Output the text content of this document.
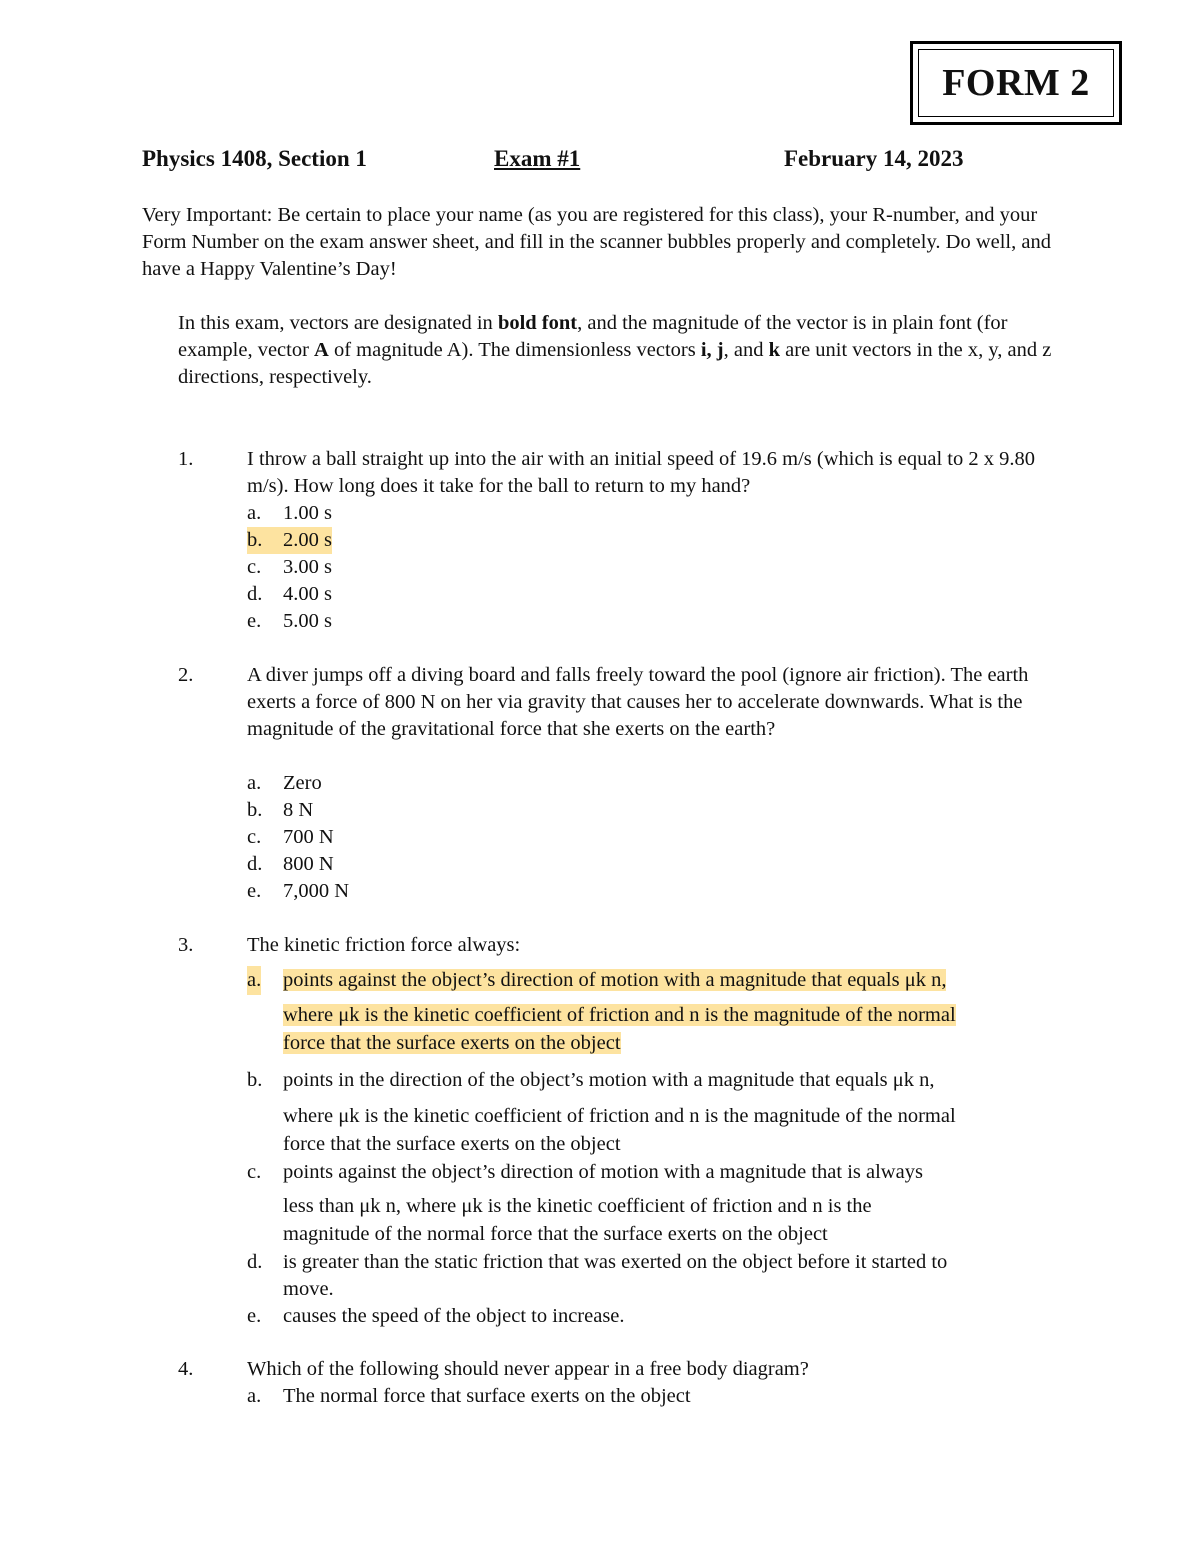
FORM 2
Physics 1408, Section 1	Exam #1	February 14, 2023
Very Important: Be certain to place your name (as you are registered for this class), your R-number, and your Form Number on the exam answer sheet, and fill in the scanner bubbles properly and completely. Do well, and have a Happy Valentine’s Day!
In this exam, vectors are designated in bold font, and the magnitude of the vector is in plain font (for example, vector A of magnitude A). The dimensionless vectors i, j, and k are unit vectors in the x, y, and z directions, respectively.
1.	I throw a ball straight up into the air with an initial speed of 19.6 m/s (which is equal to 2 x 9.80 m/s). How long does it take for the ball to return to my hand?
a.	1.00 s
b.	2.00 s
c.	3.00 s
d.	4.00 s
e.	5.00 s
2.	A diver jumps off a diving board and falls freely toward the pool (ignore air friction). The earth exerts a force of 800 N on her via gravity that causes her to accelerate downwards. What is the magnitude of the gravitational force that she exerts on the earth?
a.	Zero
b.	8 N
c.	700 N
d.	800 N
e.	7,000 N
3.	The kinetic friction force always:
a. points against the object’s direction of motion with a magnitude that equals μk n,
where μk is the kinetic coefficient of friction and n is the magnitude of the normal
force that the surface exerts on the object
b. points in the direction of the object’s motion with a magnitude that equals μk n,
where μk is the kinetic coefficient of friction and n is the magnitude of the normal
force that the surface exerts on the object
c. points against the object’s direction of motion with a magnitude that is always
less than μk n, where μk is the kinetic coefficient of friction and n is the
magnitude of the normal force that the surface exerts on the object
d. is greater than the static friction that was exerted on the object before it started to
move.
e. causes the speed of the object to increase.
4.	Which of the following should never appear in a free body diagram?
a.	The normal force that surface exerts on the object
